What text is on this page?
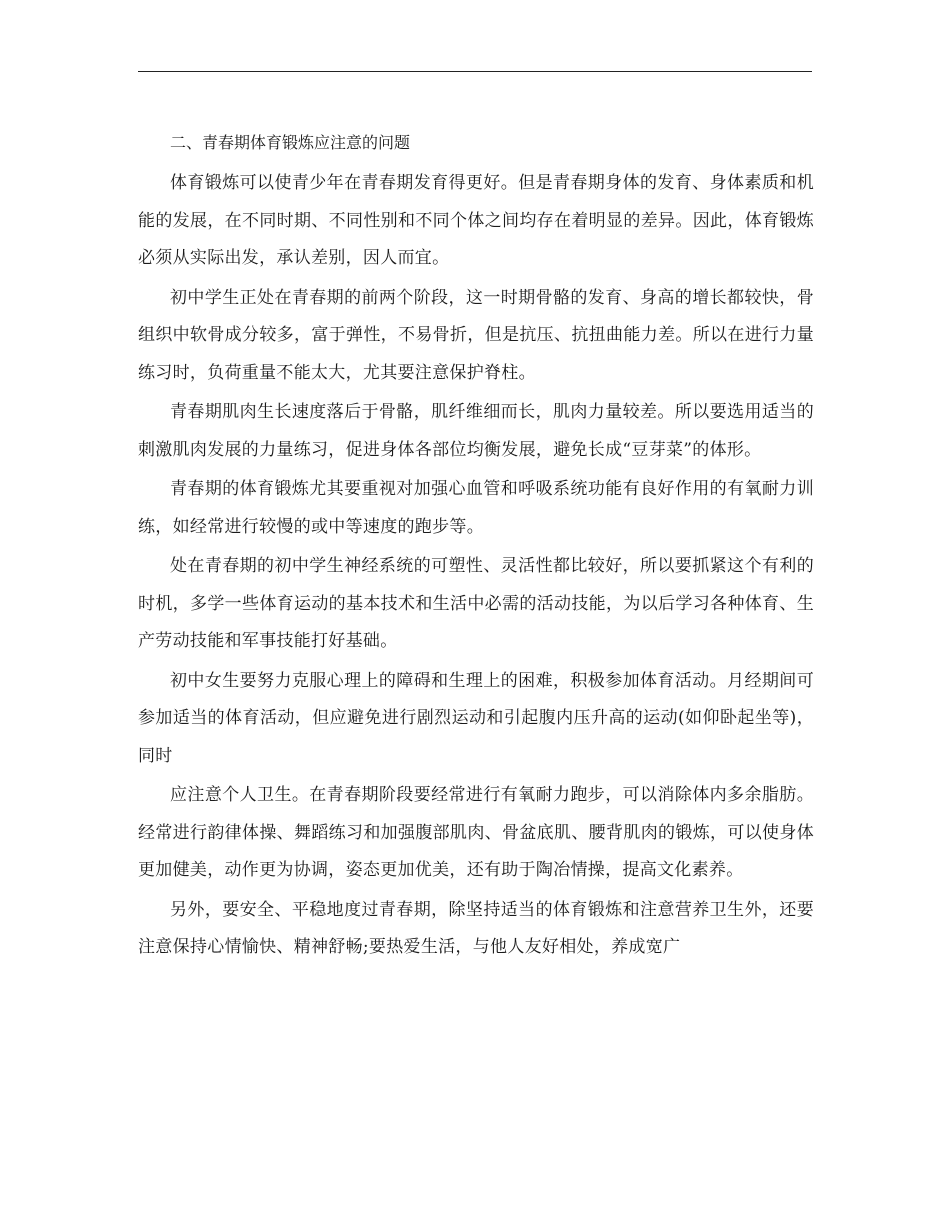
二、青春期体育锻炼应注意的问题

体育锻炼可以使青少年在青春期发育得更好。但是青春期身体的发育、身体素质和机能的发展，在不同时期、不同性别和不同个体之间均存在着明显的差异。因此，体育锻炼必须从实际出发，承认差别，因人而宜。

初中学生正处在青春期的前两个阶段，这一时期骨骼的发育、身高的增长都较快，骨组织中软骨成分较多，富于弹性，不易骨折，但是抗压、抗扭曲能力差。所以在进行力量练习时，负荷重量不能太大，尤其要注意保护脊柱。

青春期肌肉生长速度落后于骨骼，肌纤维细而长，肌肉力量较差。所以要选用适当的刺激肌肉发展的力量练习，促进身体各部位均衡发展，避免长成“豆芽菜”的体形。

青春期的体育锻炼尤其要重视对加强心血管和呼吸系统功能有良好作用的有氧耐力训练，如经常进行较慢的或中等速度的跑步等。

处在青春期的初中学生神经系统的可塑性、灵活性都比较好，所以要抓紧这个有利的时机，多学一些体育运动的基本技术和生活中必需的活动技能，为以后学习各种体育、生产劳动技能和军事技能打好基础。

初中女生要努力克服心理上的障碍和生理上的困难，积极参加体育活动。月经期间可参加适当的体育活动，但应避免进行剧烈运动和引起腹内压升高的运动(如仰卧起坐等)，同时

应注意个人卫生。在青春期阶段要经常进行有氧耐力跑步，可以消除体内多余脂肪。经常进行韵律体操、舞蹈练习和加强腹部肌肉、骨盆底肌、腰背肌肉的锻炼，可以使身体更加健美，动作更为协调，姿态更加优美，还有助于陶冶情操，提高文化素养。

另外，要安全、平稳地度过青春期，除坚持适当的体育锻炼和注意营养卫生外，还要注意保持心情愉快、精神舒畅;要热爱生活，与他人友好相处，养成宽广
